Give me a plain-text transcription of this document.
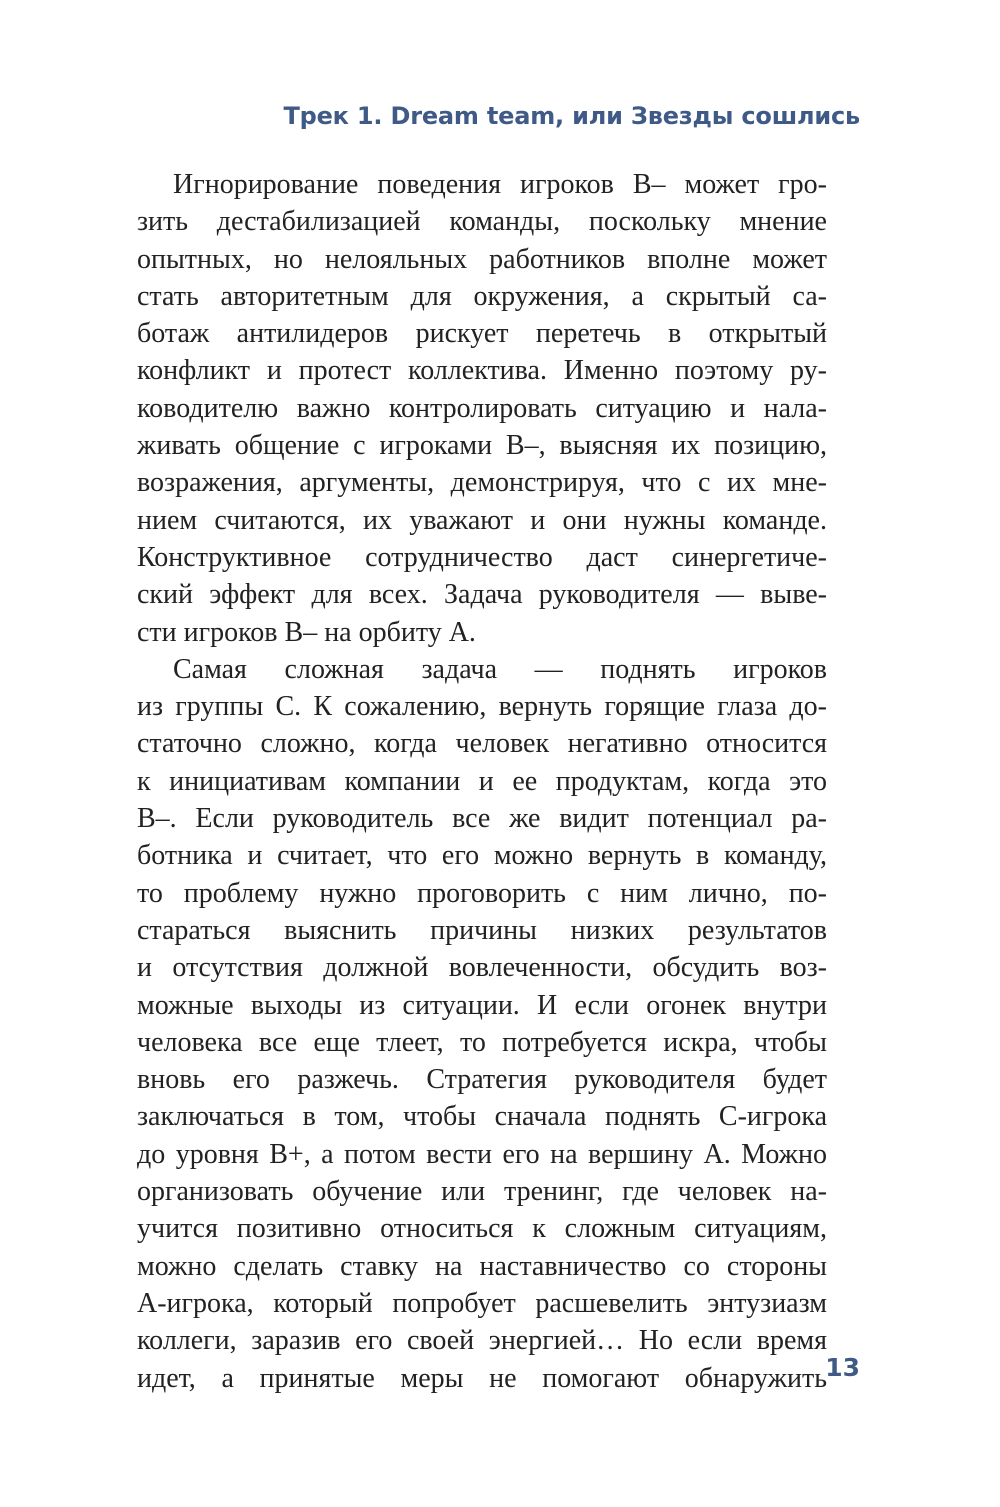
Трек 1. Dream team, или Звезды сошлись
Игнорирование поведения игроков В– может гро-
зить дестабилизацией команды, поскольку мнение
опытных, но нелояльных работников вполне может
стать авторитетным для окружения, а скрытый са-
ботаж антилидеров рискует перетечь в открытый
конфликт и протест коллектива. Именно поэтому ру-
ководителю важно контролировать ситуацию и нала-
живать общение с игроками В–, выясняя их позицию,
возражения, аргументы, демонстрируя, что с их мне-
нием считаются, их уважают и они нужны команде.
Конструктивное сотрудничество даст синергетиче-
ский эффект для всех. Задача руководителя — выве-
сти игроков В– на орбиту А.
Самая сложная задача — поднять игроков
из группы С. К сожалению, вернуть горящие глаза до-
статочно сложно, когда человек негативно относится
к инициативам компании и ее продуктам, когда это
В–. Если руководитель все же видит потенциал ра-
ботника и считает, что его можно вернуть в команду,
то проблему нужно проговорить с ним лично, по-
стараться выяснить причины низких результатов
и отсутствия должной вовлеченности, обсудить воз-
можные выходы из ситуации. И если огонек внутри
человека все еще тлеет, то потребуется искра, чтобы
вновь его разжечь. Стратегия руководителя будет
заключаться в том, чтобы сначала поднять С-игрока
до уровня В+, а потом вести его на вершину А. Можно
организовать обучение или тренинг, где человек на-
учится позитивно относиться к сложным ситуациям,
можно сделать ставку на наставничество со стороны
А-игрока, который попробует расшевелить энтузиазм
коллеги, заразив его своей энергией… Но если время
идет, а принятые меры не помогают обнаружить
13
